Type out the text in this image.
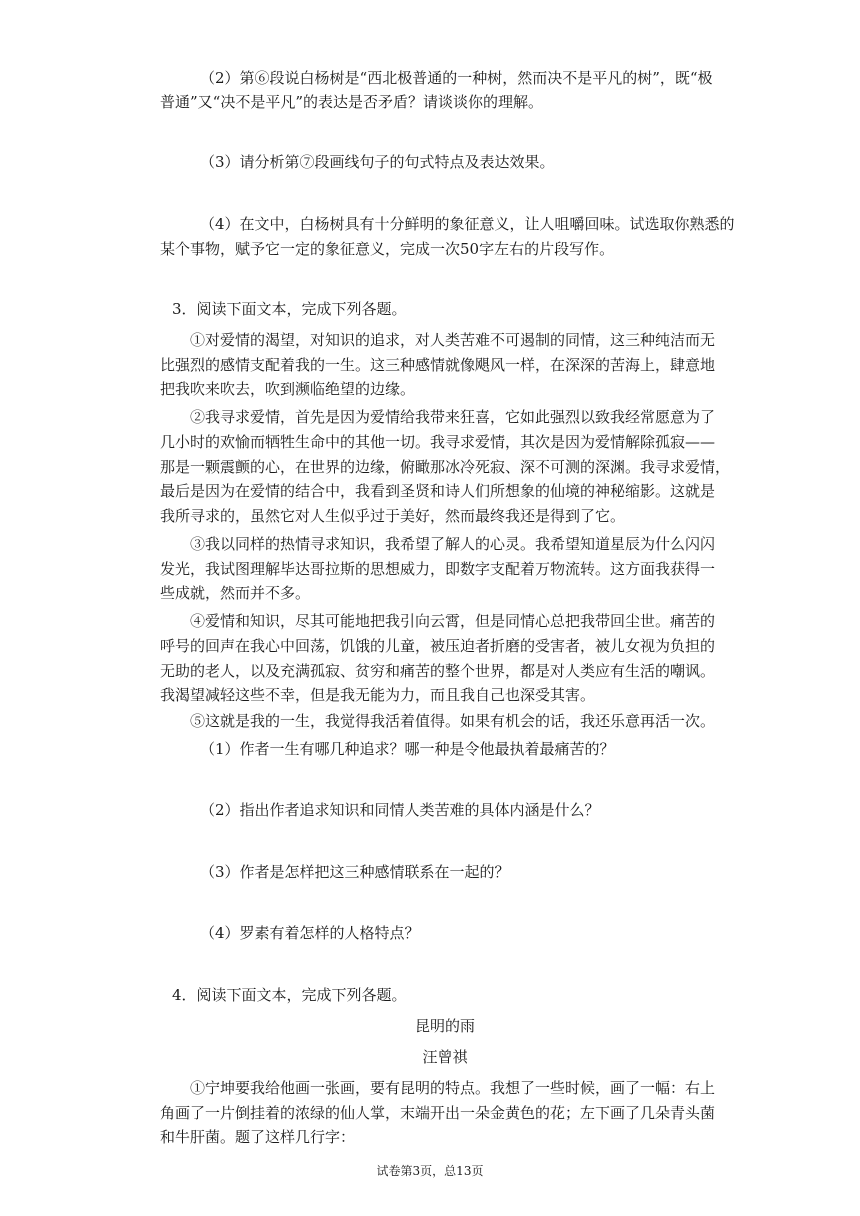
（2）第⑥段说白杨树是“西北极普通的一种树，然而决不是平凡的树”，既“极
普通”又“决不是平凡”的表达是否矛盾？请谈谈你的理解。
（3）请分析第⑦段画线句子的句式特点及表达效果。
（4）在文中，白杨树具有十分鲜明的象征意义，让人咀嚼回味。试选取你熟悉的
某个事物，赋予它一定的象征意义，完成一次50字左右的片段写作。
3．阅读下面文本，完成下列各题。
①对爱情的渴望，对知识的追求，对人类苦难不可遏制的同情，这三种纯洁而无
比强烈的感情支配着我的一生。这三种感情就像飓风一样，在深深的苦海上，肆意地
把我吹来吹去，吹到濒临绝望的边缘。
②我寻求爱情，首先是因为爱情给我带来狂喜，它如此强烈以致我经常愿意为了
几小时的欢愉而牺牲生命中的其他一切。我寻求爱情，其次是因为爱情解除孤寂——
那是一颗震颤的心，在世界的边缘，俯瞰那冰冷死寂、深不可测的深渊。我寻求爱情，
最后是因为在爱情的结合中，我看到圣贤和诗人们所想象的仙境的神秘缩影。这就是
我所寻求的，虽然它对人生似乎过于美好，然而最终我还是得到了它。
③我以同样的热情寻求知识，我希望了解人的心灵。我希望知道星辰为什么闪闪
发光，我试图理解毕达哥拉斯的思想威力，即数字支配着万物流转。这方面我获得一
些成就，然而并不多。
④爱情和知识，尽其可能地把我引向云霄，但是同情心总把我带回尘世。痛苦的
呼号的回声在我心中回荡，饥饿的儿童，被压迫者折磨的受害者，被儿女视为负担的
无助的老人，以及充满孤寂、贫穷和痛苦的整个世界，都是对人类应有生活的嘲讽。
我渴望减轻这些不幸，但是我无能为力，而且我自己也深受其害。
⑤这就是我的一生，我觉得我活着值得。如果有机会的话，我还乐意再活一次。
（1）作者一生有哪几种追求？哪一种是令他最执着最痛苦的？
（2）指出作者追求知识和同情人类苦难的具体内涵是什么？
（3）作者是怎样把这三种感情联系在一起的？
（4）罗素有着怎样的人格特点？
4．阅读下面文本，完成下列各题。
昆明的雨
汪曾祺
①宁坤要我给他画一张画，要有昆明的特点。我想了一些时候，画了一幅：右上
角画了一片倒挂着的浓绿的仙人掌，末端开出一朵金黄色的花；左下画了几朵青头菌
和牛肝菌。题了这样几行字：
试卷第3页，总13页
